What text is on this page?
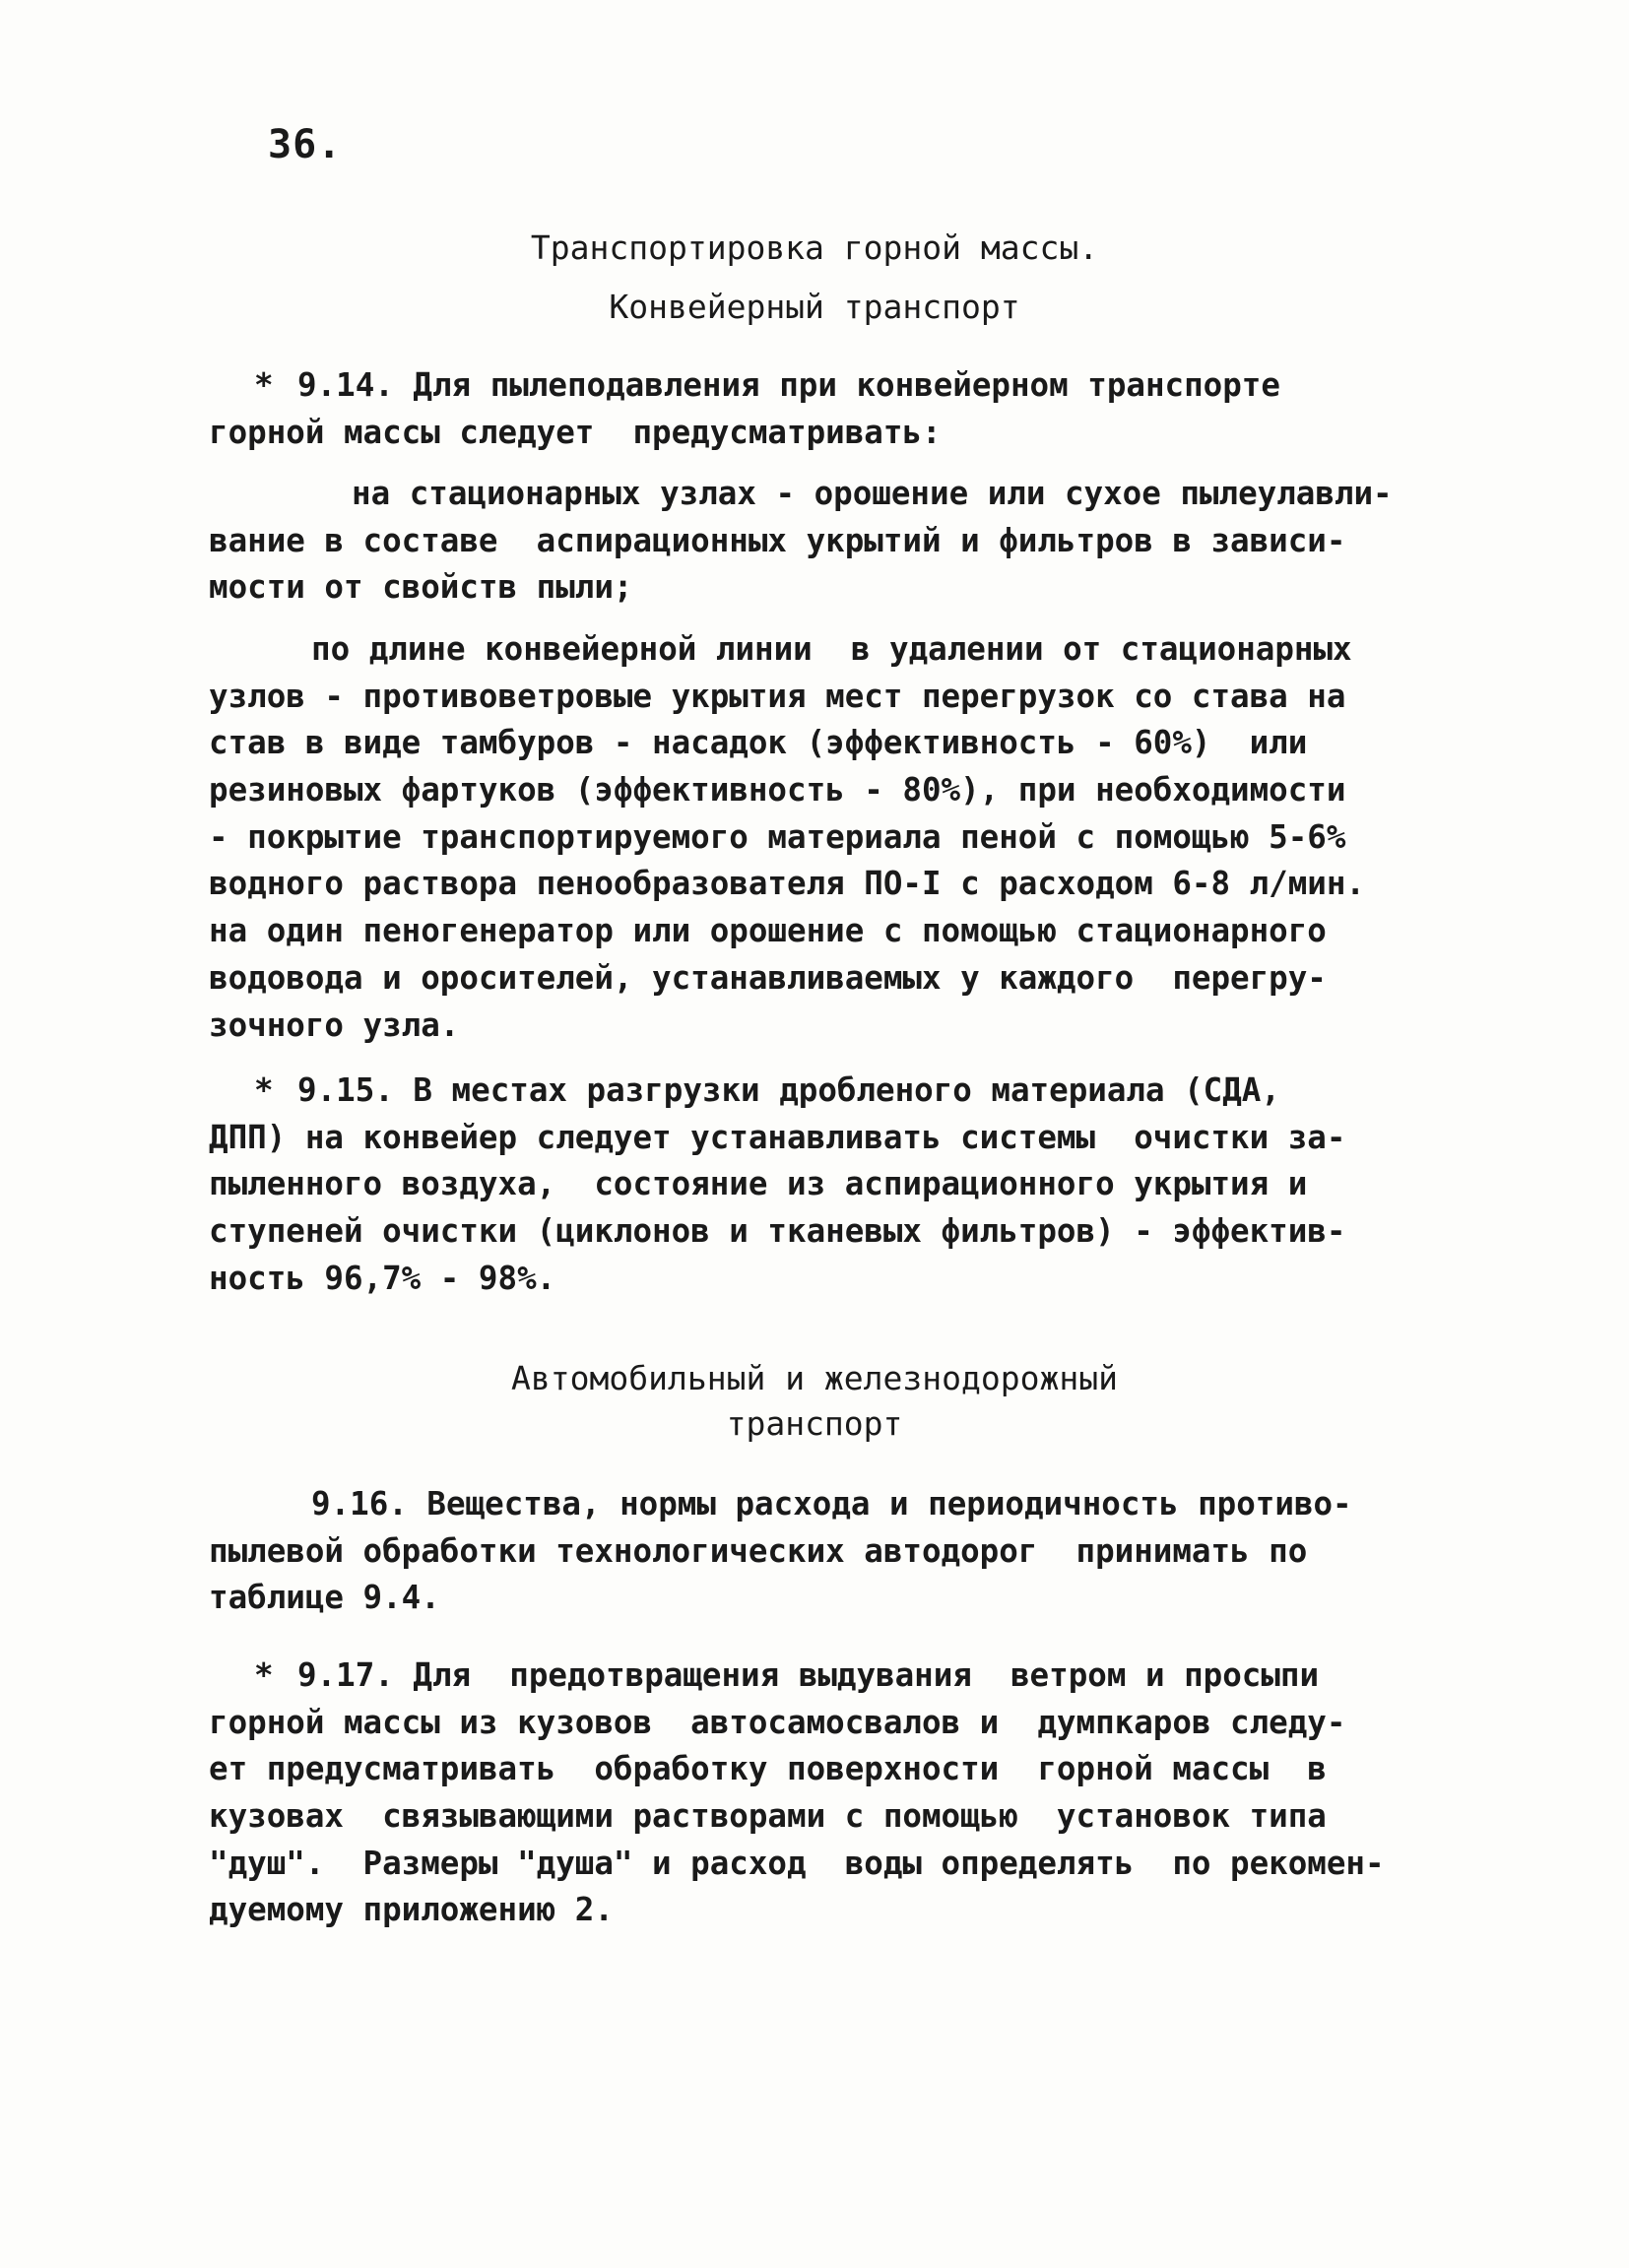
36.
Транспортировка горной массы.
Конвейерный транспорт
* 9.14. Для пылеподавления при конвейерном транспорте
горной массы следует  предусматривать:
на стационарных узлах - орошение или сухое пылеулавли-
вание в составе  аспирационных укрытий и фильтров в зависи-
мости от свойств пыли;
по длине конвейерной линии  в удалении от стационарных
узлов - противоветровые укрытия мест перегрузок со става на
став в виде тамбуров - насадок (эффективность - 60%)  или
резиновых фартуков (эффективность - 80%), при необходимости
- покрытие транспортируемого материала пеной с помощью 5-6%
водного раствора пенообразователя ПО-I с расходом 6-8 л/мин.
на один пеногенератор или орошение с помощью стационарного
водовода и оросителей, устанавливаемых у каждого  перегру-
зочного узла.
* 9.15. В местах разгрузки дробленого материала (СДА,
ДПП) на конвейер следует устанавливать системы  очистки за-
пыленного воздуха,  состояние из аспирационного укрытия и
ступеней очистки (циклонов и тканевых фильтров) - эффектив-
ность 96,7% - 98%.
Автомобильный и железнодорожный
транспорт
9.16. Вещества, нормы расхода и периодичность противо-
пылевой обработки технологических автодорог  принимать по
таблице 9.4.
* 9.17. Для  предотвращения выдувания  ветром и просыпи
горной массы из кузовов  автосамосвалов и  думпкаров следу-
ет предусматривать  обработку поверхности  горной массы  в
кузовах  связывающими растворами с помощью  установок типа
"душ".  Размеры "душа" и расход  воды определять  по рекомен-
дуемому приложению 2.
